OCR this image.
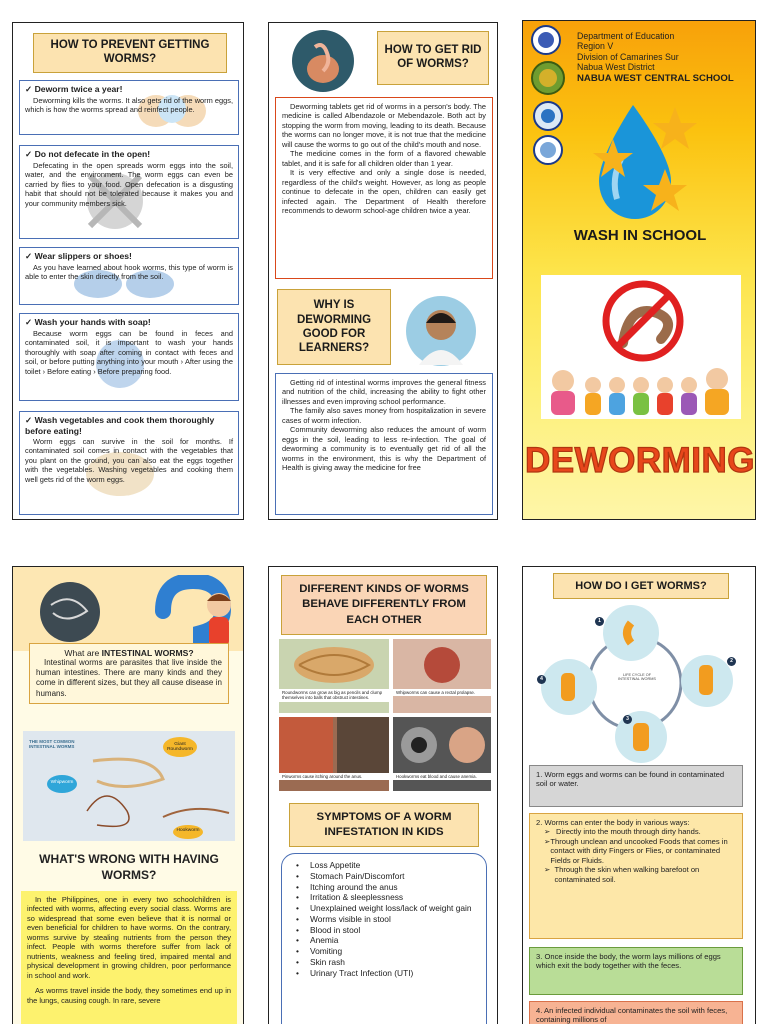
HOW TO PREVENT GETTING WORMS?
✓ Deworm twice a year!
Deworming kills the worms. It also gets rid of the worm eggs, which is how the worms spread and reinfect people.
✓ Do not defecate in the open!
Defecating in the open spreads worm eggs into the soil, water, and the environment. The worm eggs can even be carried by flies to your food. Open defecation is a disgusting habit that should not be tolerated because it makes you and your community members sick.
✓ Wear slippers or shoes!
As you have learned about hook worms, this type of worm is able to enter the skin directly from the soil.
✓ Wash your hands with soap!
Because worm eggs can be found in feces and contaminated soil, it is important to wash your hands thoroughly with soap after coming in contact with feces and soil, or before putting anything into your mouth › After using the toilet › Before eating › Before preparing food.
✓ Wash vegetables and cook them thoroughly before eating!
Worm eggs can survive in the soil for months. If contaminated soil comes in contact with the vegetables that you plant on the ground, you can also eat the eggs together with the vegetables. Washing vegetables and cooking them well gets rid of the worm eggs.
HOW TO GET RID OF WORMS?
Deworming tablets get rid of worms in a person's body. The medicine is called Albendazole or Mebendazole. Both act by stopping the worm from moving, leading to its death. Because the worms can no longer move, it is not true that the medicine will cause the worms to go out of the child's mouth and nose.
The medicine comes in the form of a flavored chewable tablet, and it is safe for all children older than 1 year.
It is very effective and only a single dose is needed, regardless of the child's weight. However, as long as people continue to defecate in the open, children can easily get infected again. The Department of Health therefore recommends to deworm school-age children twice a year.
WHY IS DEWORMING GOOD FOR LEARNERS?
Getting rid of intestinal worms improves the general fitness and nutrition of the child, increasing the ability to fight other illnesses and even improving school performance.
The family also saves money from hospitalization in severe cases of worm infection.
Community deworming also reduces the amount of worm eggs in the soil, leading to less re-infection. The goal of deworming a community is to eventually get rid of all the worms in the environment, this is why the Department of Health is giving away the medicine for free
Department of Education
Region V
Division of Camarines Sur
Nabua West District
NABUA WEST CENTRAL SCHOOL
WASH IN SCHOOL
DEWORMING
What are INTESTINAL WORMS?
Intestinal worms are parasites that live inside the human intestines. There are many kinds and they come in different sizes, but they all cause disease in humans.
THE MOST COMMON INTESTINAL WORMS	Giant Roundworm
Whipworm
Hookworm
WHAT'S WRONG WITH HAVING WORMS?
In the Philippines, one in every two schoolchildren is infected with worms, affecting every social class. Worms are so widespread that some even believe that it is normal or even beneficial for children to have worms. On the contrary, worms survive by stealing nutrients from the person they infect. People with worms therefore suffer from lack of nutrients, weakness and feeling tired, impaired mental and physical development in growing children, poor performance in school and work.
As worms travel inside the body, they sometimes end up in the lungs, causing cough. In rare, severe
DIFFERENT KINDS OF WORMS BEHAVE DIFFERENTLY FROM EACH OTHER
Roundworms can grow as big as pencils and clump themselves into balls that obstruct intestines.
Whipworms can cause a rectal prolapse.
Pinworms cause itching around the anus.	Hookworms eat blood and cause anemia.
SYMPTOMS OF A WORM INFESTATION IN KIDS
• Loss Appetite
• Stomach Pain/Discomfort
• Itching around the anus
• Irritation & sleeplessness
• Unexplained weight loss/lack of weight gain
• Worms visible in stool
• Blood in stool
• Anemia
• Vomiting
• Skin rash
• Urinary Tract Infection (UTI)
HOW DO I GET WORMS?
LIFE CYCLE OF INTESTINAL WORMS
1
2
3
4
1. Worm eggs and worms can be found in contaminated soil or water.
2. Worms can enter the body in various ways:
➢ Directly into the mouth through dirty hands.
➢ Through unclean and uncooked Foods that comes in contact with dirty Fingers or Flies, or contaminated Fields or Fluids.
➢ Through the skin when walking barefoot on contaminated soil.
3. Once inside the body, the worm lays millions of eggs which exit the body together with the feces.
4. An infected individual contaminates the soil with feces, containing millions of
